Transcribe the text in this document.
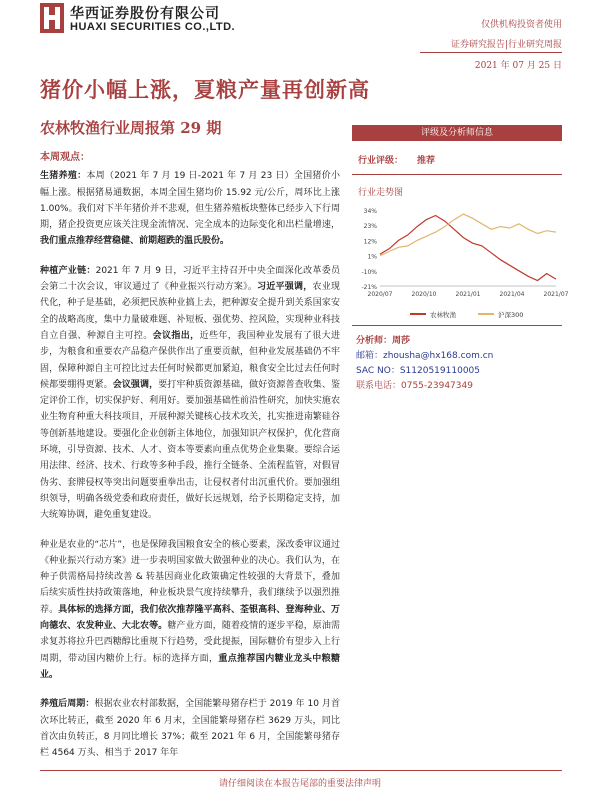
华西证券股份有限公司
HUAXI SECURITIES CO.,LTD.	仅供机构投资者使用
证券研究报告|行业研究周报
2021 年 07 月 25 日
猪价小幅上涨，夏粮产量再创新高
农林牧渔行业周报第 29 期
本周观点：

生猪养殖：本周（2021 年 7 月 19 日-2021 年 7 月 23 日）全国猪价小幅上涨。根据猪易通数据，本周全国生猪均价 15.92 元/公斤，周环比上涨 1.00%。我们对下半年猪价并不悲观，但生猪养殖板块整体已经步入下行周期，猪企投资更应该关注现金流情况、完全成本的边际变化和出栏量增速，我们重点推荐经营稳健、前期超跌的温氏股份。

种植产业链：2021 年 7 月 9 日，习近平主持召开中央全面深化改革委员会第二十次会议，审议通过了《种业振兴行动方案》。习近平强调，农业现代化，种子是基础，必须把民族种业搞上去，把种源安全提升到关系国家安全的战略高度，集中力量破难题、补短板、强优势、控风险，实现种业科技自立自强、种源自主可控。会议指出，近些年，我国种业发展有了很大进步，为粮食和重要农产品稳产保供作出了重要贡献，但种业发展基础仍不牢固，保障种源自主可控比过去任何时候都更加紧迫，粮食安全比过去任何时候都要绷得更紧。会议强调，要打牢种质资源基础，做好资源普查收集、鉴定评价工作，切实保护好、利用好。要加强基础性前沿性研究，加快实施农业生物育种重大科技项目，开展种源关键核心技术攻关，扎实推进南繁硅谷等创新基地建设。要强化企业创新主体地位，加强知识产权保护，优化营商环境，引导资源、技术、人才、资本等要素向重点优势企业集聚。要综合运用法律、经济、技术、行政等多种手段，推行全链条、全流程监管，对假冒伪劣、套牌侵权等突出问题要重拳出击，让侵权者付出沉重代价。要加强组织领导，明确各级党委和政府责任，做好长远规划，给予长期稳定支持，加大统筹协调，避免重复建设。

种业是农业的“芯片”，也是保障我国粮食安全的核心要素，深改委审议通过《种业振兴行动方案》进一步表明国家做大做强种业的决心。我们认为，在种子供需格局持续改善 & 转基因商业化政策确定性较强的大背景下，叠加后续实质性扶持政策落地，种业板块景气度持续攀升，我们继续予以强烈推荐。具体标的选择方面，我们依次推荐隆平高科、荃银高科、登海种业、万向德农、农发种业、大北农等。糖产业方面，随着疫情的逐步平稳，原油需求复苏将拉升巴西糖醇比重规下行趋势，受此提振，国际糖价有望步入上行周期，带动国内糖价上行。标的选择方面，重点推荐国内糖业龙头中粮糖业。

养殖后周期：根据农业农村部数据，全国能繁母猪存栏于 2019 年 10 月首次环比转正，截至 2020 年 6 月末，全国能繁母猪存栏 3629 万头，同比首次由负转正，8 月同比增长 37%；截至 2021 年 6 月，全国能繁母猪存栏 4564 万头、相当于 2017 年年

评级及分析师信息
行业评级： 推荐
行业走势图
34%
23%
12%
1%
-10%
-21%
2020/07	2020/10	2021/01	2021/04	2021/07
农林牧渔	沪深300
分析师：周莎
邮箱：zhousha@hx168.com.cn
SAC NO：S1120519110005
联系电话：0755-23947349
请仔细阅读在本报告尾部的重要法律声明
